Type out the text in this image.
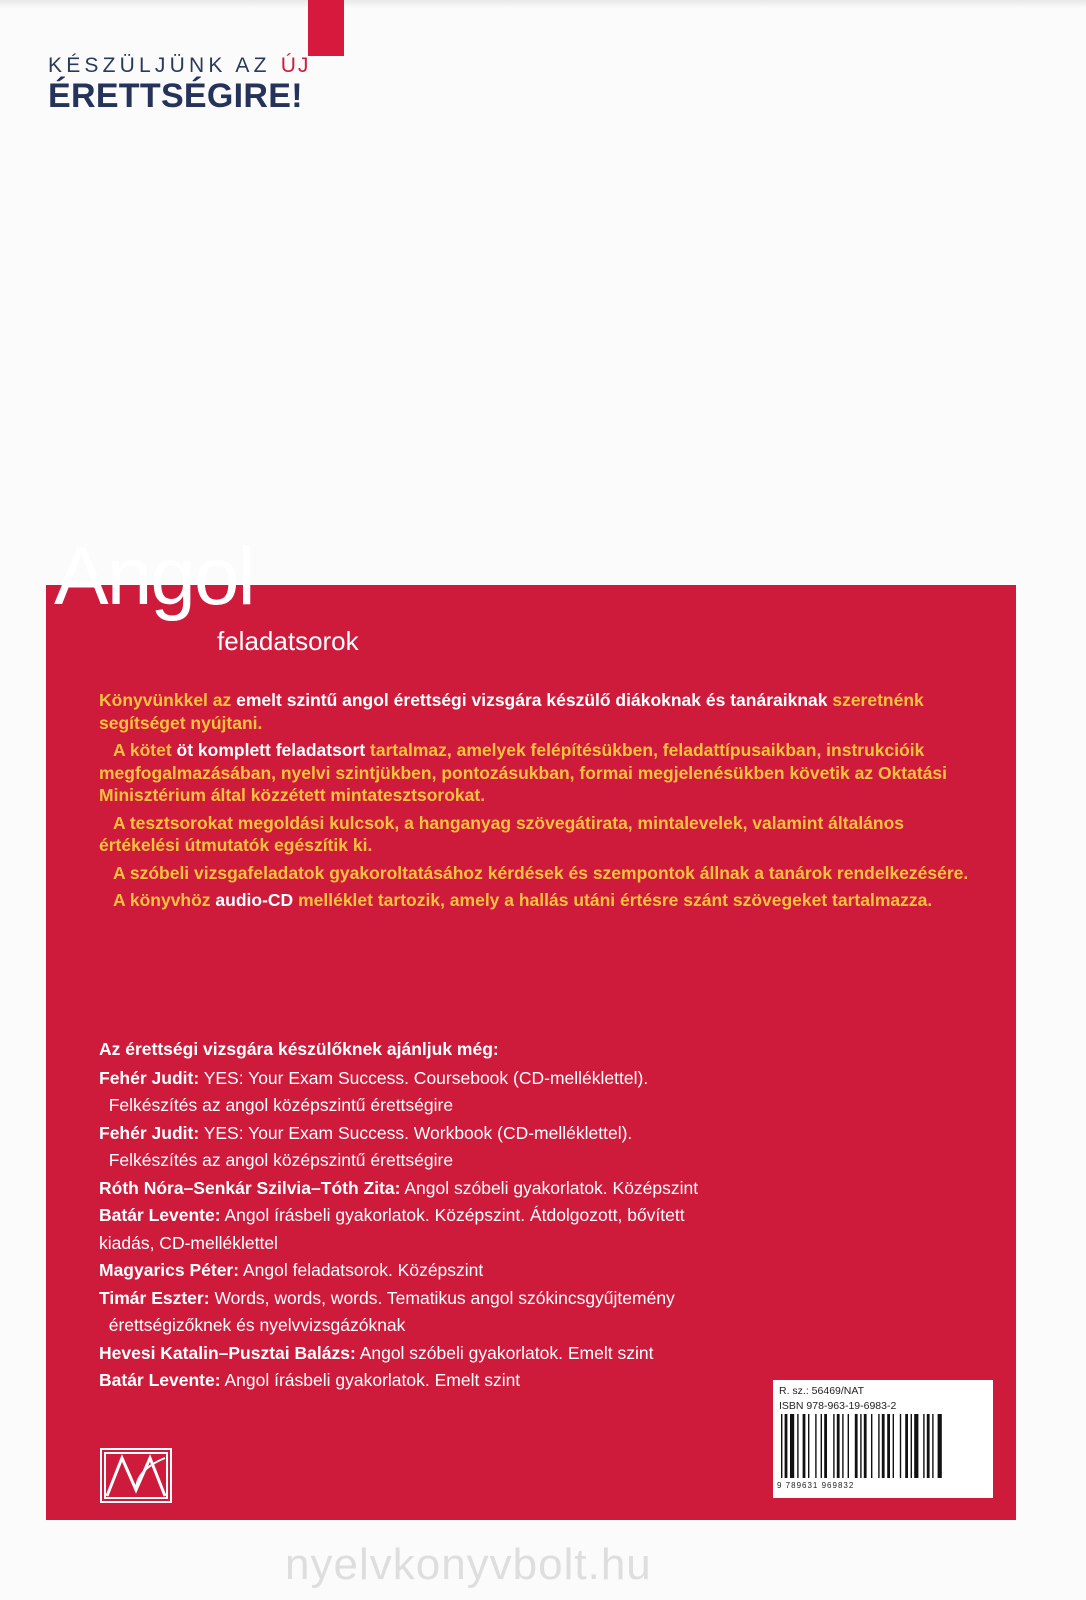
KÉSZÜLJÜNK AZ ÚJ
ÉRETTSÉGIRE!
Angol
feladatsorok

Könyvünkkel az emelt szintű angol érettségi vizsgára készülő diákoknak és tanáraiknak szeretnénk segítséget nyújtani.

A kötet öt komplett feladatsort tartalmaz, amelyek felépítésükben, feladattípusaikban, instrukcióik megfogalmazásában, nyelvi szintjükben, pontozásukban, formai megjelenésükben követik az Oktatási Minisztérium által közzétett mintatesztsorokat.

A tesztsorokat megoldási kulcsok, a hanganyag szövegátirata, mintalevelek, valamint általános értékelési útmutatók egészítik ki.

A szóbeli vizsgafeladatok gyakoroltatásához kérdések és szempontok állnak a tanárok rendelkezésére.

A könyvhöz audio-CD melléklet tartozik, amely a hallás utáni értésre szánt szövegeket tartalmazza.

Az érettségi vizsgára készülőknek ajánljuk még:
Fehér Judit: YES: Your Exam Success. Coursebook (CD-melléklettel).
Felkészítés az angol középszintű érettségire
Fehér Judit: YES: Your Exam Success. Workbook (CD-melléklettel).
Felkészítés az angol középszintű érettségire
Róth Nóra–Senkár Szilvia–Tóth Zita: Angol szóbeli gyakorlatok. Középszint
Batár Levente: Angol írásbeli gyakorlatok. Középszint. Átdolgozott, bővített
kiadás, CD-melléklettel
Magyarics Péter: Angol feladatsorok. Középszint
Timár Eszter: Words, words, words. Tematikus angol szókincsgyűjtemény
érettségizőknek és nyelvvizsgázóknak
Hevesi Katalin–Pusztai Balázs: Angol szóbeli gyakorlatok. Emelt szint
Batár Levente: Angol írásbeli gyakorlatok. Emelt szint
R. sz.: 56469/NAT
ISBN 978-963-19-6983-2
9 789631 969832
nyelvkonyvbolt.hu
